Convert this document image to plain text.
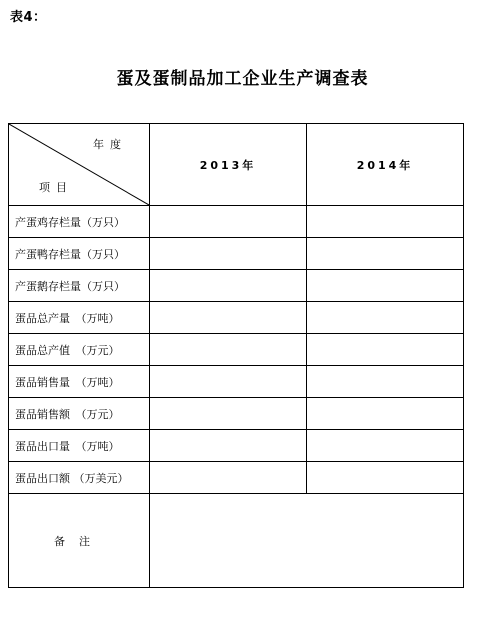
表4：
蛋及蛋制品加工企业生产调查表
年度
项目	2013年	2014年
产蛋鸡存栏量（万只）		
产蛋鸭存栏量（万只）		
产蛋鹅存栏量（万只）		
蛋品总产量　（万吨）		
蛋品总产值　（万元）		
蛋品销售量　（万吨）		
蛋品销售额　（万元）		
蛋品出口量　（万吨）		
蛋品出口额 （万美元）		
备注		
